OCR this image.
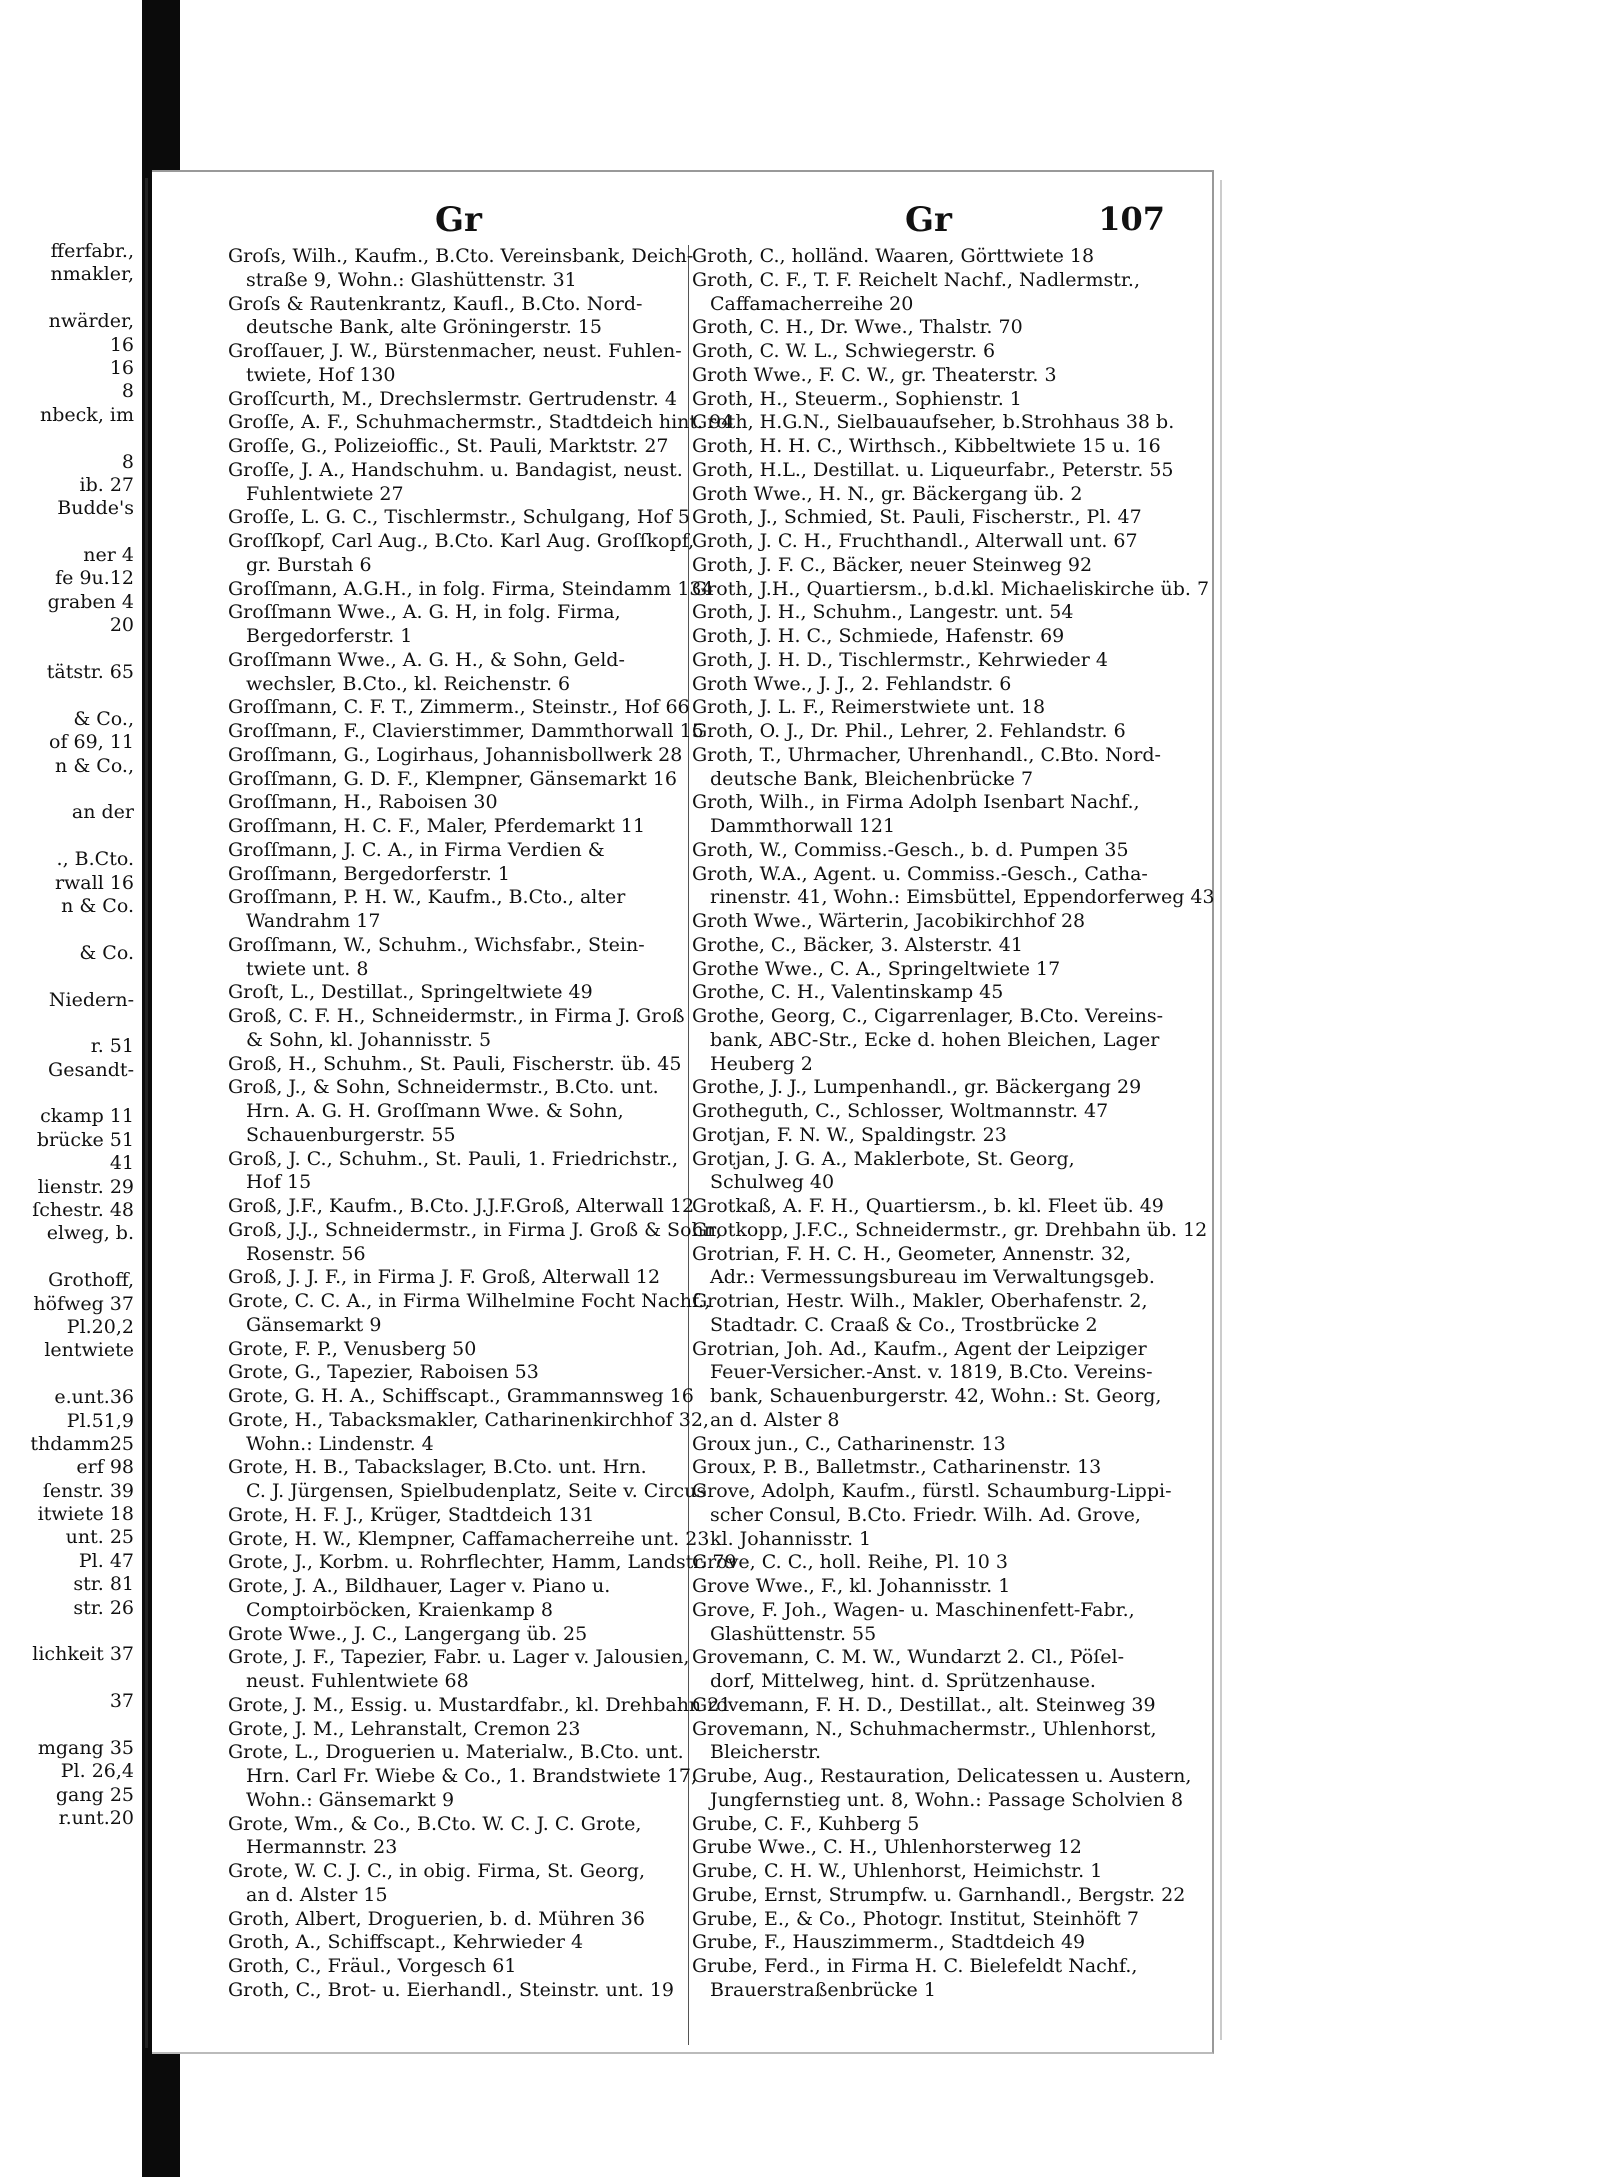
fferfabr.,
nmakler,
nwärder,
16
16
8
nbeck, im
8
ib. 27
Budde's
ner 4
fe 9u.12
graben 4
20
tätstr. 65
& Co.,
of 69, 11
n & Co.,
an der
., B.Cto.
rwall 16
n & Co.
& Co.
Niedern-
r. 51
Gesandt-
ckamp 11
brücke 51
41
lienstr. 29
ſchestr. 48
elweg, b.
Grothoff,
höfweg 37
Pl.20,2
lentwiete
e.unt.36
Pl.51,9
thdamm25
erf 98
ſenstr. 39
itwiete 18
unt. 25
Pl. 47
str. 81
str. 26
lichkeit 37
37
mgang 35
Pl. 26,4
gang 25
r.unt.20
Gr	Gr	107
Groſs, Wilh., Kaufm., B.Cto. Vereinsbank, Deich-
straße 9, Wohn.: Glashüttenstr. 31
Groſs & Rautenkrantz, Kaufl., B.Cto. Nord-
deutsche Bank, alte Gröningerstr. 15
Groſſauer, J. W., Bürstenmacher, neust. Fuhlen-
twiete, Hof 130
Groſſcurth, M., Drechslermstr. Gertrudenstr. 4
Groſſe, A. F., Schuhmachermstr., Stadtdeich hint. 94
Groſſe, G., Polizeioffic., St. Pauli, Marktstr. 27
Groſſe, J. A., Handschuhm. u. Bandagist, neust.
Fuhlentwiete 27
Groſſe, L. G. C., Tischlermstr., Schulgang, Hof 5
Groſſkopf, Carl Aug., B.Cto. Karl Aug. Groſſkopf,
gr. Burstah 6
Groſſmann, A.G.H., in folg. Firma, Steindamm 134
Groſſmann Wwe., A. G. H, in folg. Firma,
Bergedorferstr. 1
Groſſmann Wwe., A. G. H., & Sohn, Geld-
wechsler, B.Cto., kl. Reichenstr. 6
Groſſmann, C. F. T., Zimmerm., Steinstr., Hof 66
Groſſmann, F., Clavierstimmer, Dammthorwall 15
Groſſmann, G., Logirhaus, Johannisbollwerk 28
Groſſmann, G. D. F., Klempner, Gänsemarkt 16
Groſſmann, H., Raboisen 30
Groſſmann, H. C. F., Maler, Pferdemarkt 11
Groſſmann, J. C. A., in Firma Verdien &
Groſſmann, Bergedorferstr. 1
Groſſmann, P. H. W., Kaufm., B.Cto., alter
Wandrahm 17
Groſſmann, W., Schuhm., Wichsfabr., Stein-
twiete unt. 8
Groſt, L., Destillat., Springeltwiete 49
Groß, C. F. H., Schneidermstr., in Firma J. Groß
& Sohn, kl. Johannisstr. 5
Groß, H., Schuhm., St. Pauli, Fischerstr. üb. 45
Groß, J., & Sohn, Schneidermstr., B.Cto. unt.
Hrn. A. G. H. Groſſmann Wwe. & Sohn,
Schauenburgerstr. 55
Groß, J. C., Schuhm., St. Pauli, 1. Friedrichstr.,
Hof 15
Groß, J.F., Kaufm., B.Cto. J.J.F.Groß, Alterwall 12
Groß, J.J., Schneidermstr., in Firma J. Groß & Sohn,
Rosenstr. 56
Groß, J. J. F., in Firma J. F. Groß, Alterwall 12
Grote, C. C. A., in Firma Wilhelmine Focht Nachf.,
Gänsemarkt 9
Grote, F. P., Venusberg 50
Grote, G., Tapezier, Raboisen 53
Grote, G. H. A., Schiffscapt., Grammannsweg 16
Grote, H., Tabacksmakler, Catharinenkirchhof 32,
Wohn.: Lindenstr. 4
Grote, H. B., Tabackslager, B.Cto. unt. Hrn.
C. J. Jürgensen, Spielbudenplatz, Seite v. Circus
Grote, H. F. J., Krüger, Stadtdeich 131
Grote, H. W., Klempner, Caffamacherreihe unt. 23
Grote, J., Korbm. u. Rohrflechter, Hamm, Landstr. 79
Grote, J. A., Bildhauer, Lager v. Piano u.
Comptoirböcken, Kraienkamp 8
Grote Wwe., J. C., Langergang üb. 25
Grote, J. F., Tapezier, Fabr. u. Lager v. Jalousien,
neust. Fuhlentwiete 68
Grote, J. M., Essig. u. Mustardfabr., kl. Drehbahn 21
Grote, J. M., Lehranstalt, Cremon 23
Grote, L., Droguerien u. Materialw., B.Cto. unt.
Hrn. Carl Fr. Wiebe & Co., 1. Brandstwiete 17,
Wohn.: Gänsemarkt 9
Grote, Wm., & Co., B.Cto. W. C. J. C. Grote,
Hermannstr. 23
Grote, W. C. J. C., in obig. Firma, St. Georg,
an d. Alster 15
Groth, Albert, Droguerien, b. d. Mühren 36
Groth, A., Schiffscapt., Kehrwieder 4
Groth, C., Fräul., Vorgesch 61
Groth, C., Brot- u. Eierhandl., Steinstr. unt. 19
Groth, C., holländ. Waaren, Görttwiete 18
Groth, C. F., T. F. Reichelt Nachf., Nadlermstr.,
Caffamacherreihe 20
Groth, C. H., Dr. Wwe., Thalstr. 70
Groth, C. W. L., Schwiegerstr. 6
Groth Wwe., F. C. W., gr. Theaterstr. 3
Groth, H., Steuerm., Sophienstr. 1
Groth, H.G.N., Sielbauaufseher, b.Strohhaus 38 b.
Groth, H. H. C., Wirthsch., Kibbeltwiete 15 u. 16
Groth, H.L., Destillat. u. Liqueurfabr., Peterstr. 55
Groth Wwe., H. N., gr. Bäckergang üb. 2
Groth, J., Schmied, St. Pauli, Fischerstr., Pl. 47
Groth, J. C. H., Fruchthandl., Alterwall unt. 67
Groth, J. F. C., Bäcker, neuer Steinweg 92
Groth, J.H., Quartiersm., b.d.kl. Michaeliskirche üb. 7
Groth, J. H., Schuhm., Langestr. unt. 54
Groth, J. H. C., Schmiede, Hafenstr. 69
Groth, J. H. D., Tischlermstr., Kehrwieder 4
Groth Wwe., J. J., 2. Fehlandstr. 6
Groth, J. L. F., Reimerstwiete unt. 18
Groth, O. J., Dr. Phil., Lehrer, 2. Fehlandstr. 6
Groth, T., Uhrmacher, Uhrenhandl., C.Bto. Nord-
deutsche Bank, Bleichenbrücke 7
Groth, Wilh., in Firma Adolph Isenbart Nachf.,
Dammthorwall 121
Groth, W., Commiss.-Gesch., b. d. Pumpen 35
Groth, W.A., Agent. u. Commiss.-Gesch., Catha-
rinenstr. 41, Wohn.: Eimsbüttel, Eppendorferweg 43
Groth Wwe., Wärterin, Jacobikirchhof 28
Grothe, C., Bäcker, 3. Alsterstr. 41
Grothe Wwe., C. A., Springeltwiete 17
Grothe, C. H., Valentinskamp 45
Grothe, Georg, C., Cigarrenlager, B.Cto. Vereins-
bank, ABC-Str., Ecke d. hohen Bleichen, Lager
Heuberg 2
Grothe, J. J., Lumpenhandl., gr. Bäckergang 29
Grotheguth, C., Schlosser, Woltmannstr. 47
Grotjan, F. N. W., Spaldingstr. 23
Grotjan, J. G. A., Maklerbote, St. Georg,
Schulweg 40
Grotkaß, A. F. H., Quartiersm., b. kl. Fleet üb. 49
Grotkopp, J.F.C., Schneidermstr., gr. Drehbahn üb. 12
Grotrian, F. H. C. H., Geometer, Annenstr. 32,
Adr.: Vermessungsbureau im Verwaltungsgeb.
Grotrian, Hestr. Wilh., Makler, Oberhafenstr. 2,
Stadtadr. C. Craaß & Co., Trostbrücke 2
Grotrian, Joh. Ad., Kaufm., Agent der Leipziger
Feuer-Versicher.-Anst. v. 1819, B.Cto. Vereins-
bank, Schauenburgerstr. 42, Wohn.: St. Georg,
an d. Alster 8
Groux jun., C., Catharinenstr. 13
Groux, P. B., Balletmstr., Catharinenstr. 13
Grove, Adolph, Kaufm., fürstl. Schaumburg-Lippi-
scher Consul, B.Cto. Friedr. Wilh. Ad. Grove,
kl. Johannisstr. 1
Grove, C. C., holl. Reihe, Pl. 10 3
Grove Wwe., F., kl. Johannisstr. 1
Grove, F. Joh., Wagen- u. Maschinenfett-Fabr.,
Glashüttenstr. 55
Grovemann, C. M. W., Wundarzt 2. Cl., Pöſel-
dorf, Mittelweg, hint. d. Sprützenhause.
Grovemann, F. H. D., Destillat., alt. Steinweg 39
Grovemann, N., Schuhmachermstr., Uhlenhorst,
Bleicherstr.
Grube, Aug., Restauration, Delicatessen u. Austern,
Jungfernstieg unt. 8, Wohn.: Passage Scholvien 8
Grube, C. F., Kuhberg 5
Grube Wwe., C. H., Uhlenhorsterweg 12
Grube, C. H. W., Uhlenhorst, Heimichstr. 1
Grube, Ernst, Strumpfw. u. Garnhandl., Bergstr. 22
Grube, E., & Co., Photogr. Institut, Steinhöft 7
Grube, F., Hauszimmerm., Stadtdeich 49
Grube, Ferd., in Firma H. C. Bielefeldt Nachf.,
Brauerstraßenbrücke 1
